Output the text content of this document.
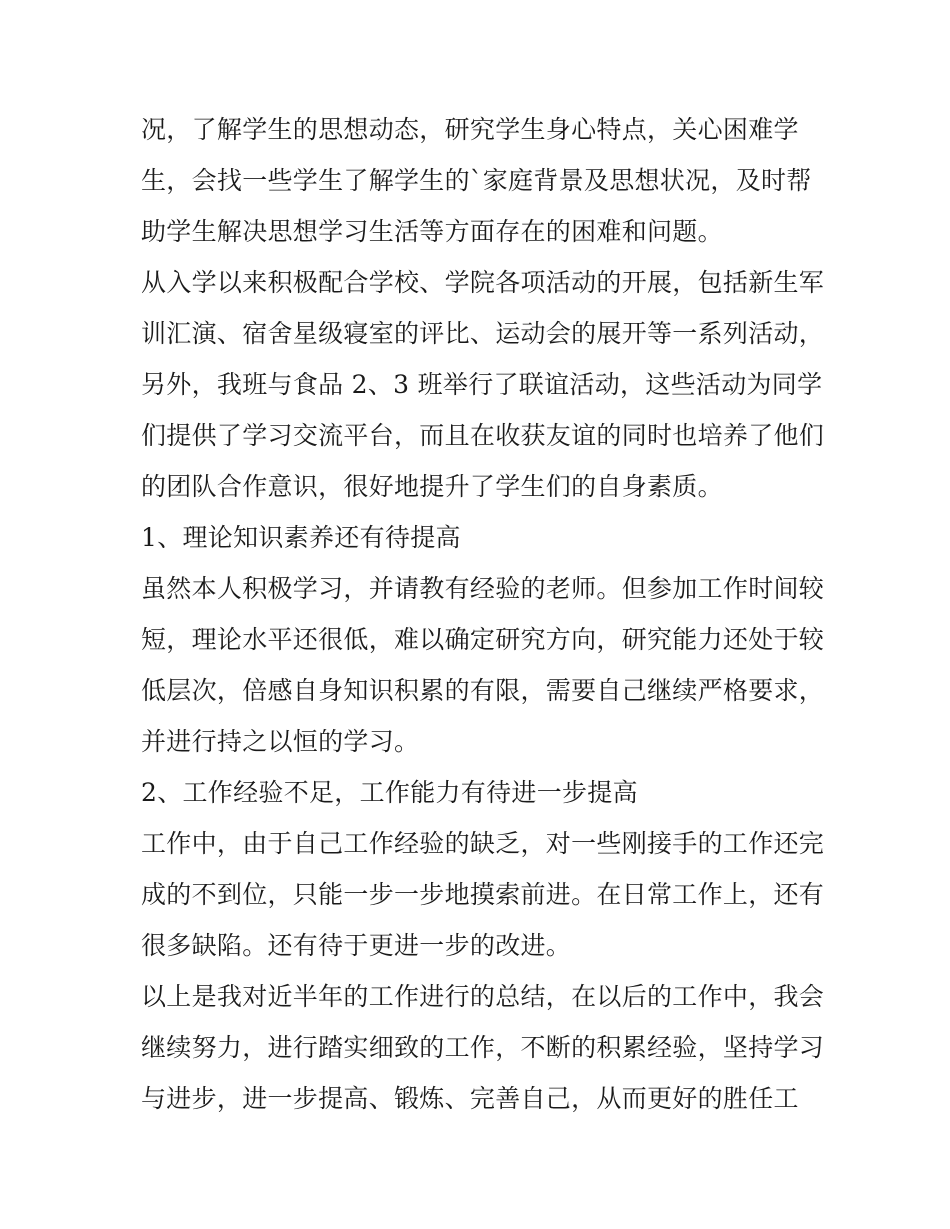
况，了解学生的思想动态，研究学生身心特点，关心困难学
生，会找一些学生了解学生的`家庭背景及思想状况，及时帮
助学生解决思想学习生活等方面存在的困难和问题。
从入学以来积极配合学校、学院各项活动的开展，包括新生军
训汇演、宿舍星级寝室的评比、运动会的展开等一系列活动，
另外，我班与食品 2、3 班举行了联谊活动，这些活动为同学
们提供了学习交流平台，而且在收获友谊的同时也培养了他们
的团队合作意识，很好地提升了学生们的自身素质。
1、理论知识素养还有待提高
虽然本人积极学习，并请教有经验的老师。但参加工作时间较
短，理论水平还很低，难以确定研究方向，研究能力还处于较
低层次，倍感自身知识积累的有限，需要自己继续严格要求，
并进行持之以恒的学习。
2、工作经验不足，工作能力有待进一步提高
工作中，由于自己工作经验的缺乏，对一些刚接手的工作还完
成的不到位，只能一步一步地摸索前进。在日常工作上，还有
很多缺陷。还有待于更进一步的改进。
以上是我对近半年的工作进行的总结，在以后的工作中，我会
继续努力，进行踏实细致的工作，不断的积累经验，坚持学习
与进步，进一步提高、锻炼、完善自己，从而更好的胜任工
